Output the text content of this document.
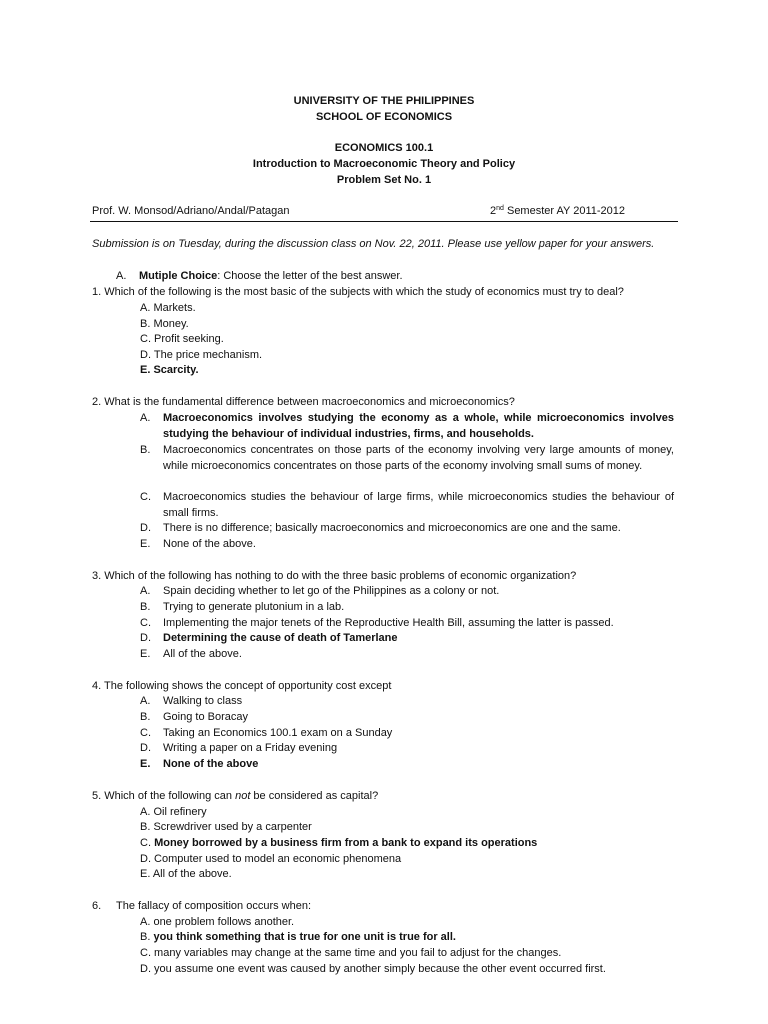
UNIVERSITY OF THE PHILIPPINES
SCHOOL OF ECONOMICS
ECONOMICS 100.1
Introduction to Macroeconomic Theory and Policy
Problem Set No. 1
Prof. W. Monsod/Adriano/Andal/Patagan	2nd Semester AY 2011-2012
Submission is on Tuesday, during the discussion class on Nov. 22, 2011. Please use yellow paper for your answers.
A. Mutiple Choice: Choose the letter of the best answer.
1. Which of the following is the most basic of the subjects with which the study of economics must try to deal?
A. Markets.
B. Money.
C. Profit seeking.
D. The price mechanism.
E. Scarcity.
2. What is the fundamental difference between macroeconomics and microeconomics?
A. Macroeconomics involves studying the economy as a whole, while microeconomics involves studying the behaviour of individual industries, firms, and households.
B. Macroeconomics concentrates on those parts of the economy involving very large amounts of money, while microeconomics concentrates on those parts of the economy involving small sums of money.
C. Macroeconomics studies the behaviour of large firms, while microeconomics studies the behaviour of small firms.
D. There is no difference; basically macroeconomics and microeconomics are one and the same.
E. None of the above.
3. Which of the following has nothing to do with the three basic problems of economic organization?
A. Spain deciding whether to let go of the Philippines as a colony or not.
B. Trying to generate plutonium in a lab.
C. Implementing the major tenets of the Reproductive Health Bill, assuming the latter is passed.
D. Determining the cause of death of Tamerlane
E. All of the above.
4. The following shows the concept of opportunity cost except
A. Walking to class
B. Going to Boracay
C. Taking an Economics 100.1 exam on a Sunday
D. Writing a paper on a Friday evening
E. None of the above
5. Which of the following can not be considered as capital?
A. Oil refinery
B. Screwdriver used by a carpenter
C. Money borrowed by a business firm from a bank to expand its operations
D. Computer used to model an economic phenomena
E. All of the above.
6. The fallacy of composition occurs when:
A. one problem follows another.
B. you think something that is true for one unit is true for all.
C. many variables may change at the same time and you fail to adjust for the changes.
D. you assume one event was caused by another simply because the other event occurred first.
